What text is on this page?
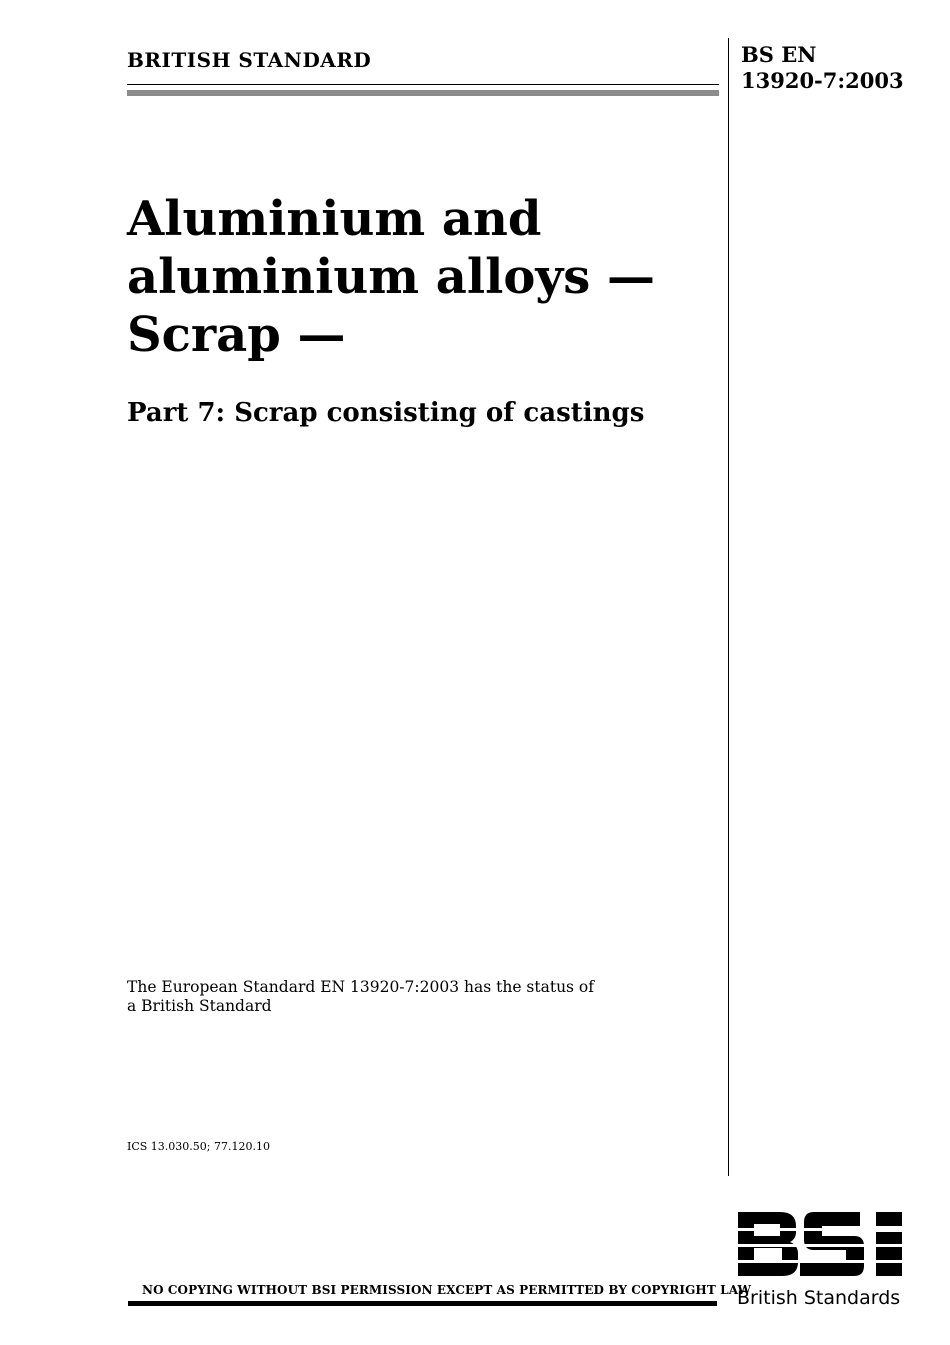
BRITISH STANDARD	BS EN
13920-7:2003
Aluminium and
aluminium alloys —
Scrap —
Part 7: Scrap consisting of castings
The European Standard EN 13920-7:2003 has the status of a British Standard
ICS 13.030.50; 77.120.10
NO COPYING WITHOUT BSI PERMISSION EXCEPT AS PERMITTED BY COPYRIGHT LAW
British Standards
